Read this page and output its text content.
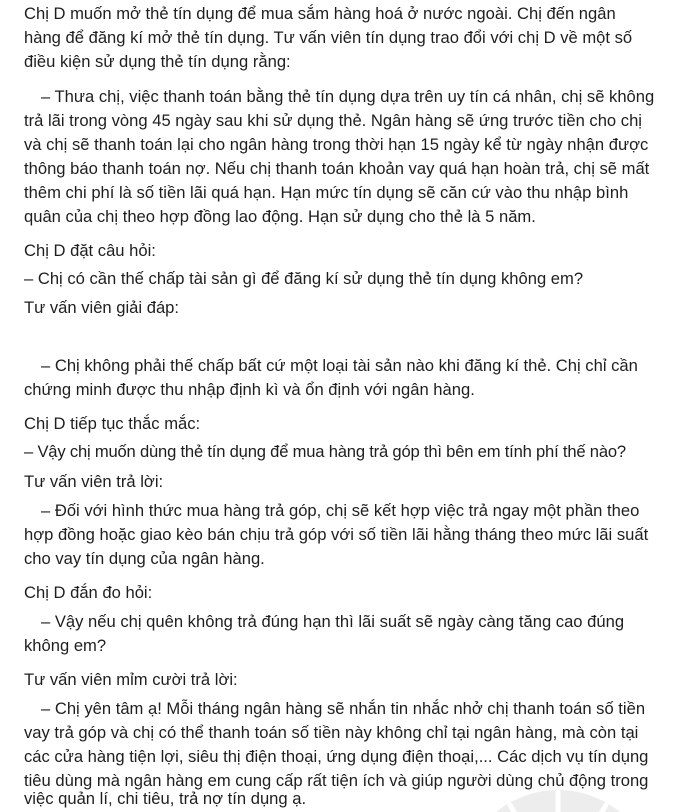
Chị D muốn mở thẻ tín dụng để mua sắm hàng hoá ở nước ngoài. Chị đến ngân

hàng để đăng kí mở thẻ tín dụng. Tư vấn viên tín dụng trao đổi với chị D về một số

điều kiện sử dụng thẻ tín dụng rằng:

– Thưa chị, việc thanh toán bằng thẻ tín dụng dựa trên uy tín cá nhân, chị sẽ không

trả lãi trong vòng 45 ngày sau khi sử dụng thẻ. Ngân hàng sẽ ứng trước tiền cho chị

và chị sẽ thanh toán lại cho ngân hàng trong thời hạn 15 ngày kể từ ngày nhận được

thông báo thanh toán nợ. Nếu chị thanh toán khoản vay quá hạn hoàn trả, chị sẽ mất

thêm chi phí là số tiền lãi quá hạn. Hạn mức tín dụng sẽ căn cứ vào thu nhập bình

quân của chị theo hợp đồng lao động. Hạn sử dụng cho thẻ là 5 năm.

Chị D đặt câu hỏi:

– Chị có cần thế chấp tài sản gì để đăng kí sử dụng thẻ tín dụng không em?

Tư vấn viên giải đáp:

– Chị không phải thế chấp bất cứ một loại tài sản nào khi đăng kí thẻ. Chị chỉ cần

chứng minh được thu nhập định kì và ổn định với ngân hàng.

Chị D tiếp tục thắc mắc:

– Vậy chị muốn dùng thẻ tín dụng để mua hàng trả góp thì bên em tính phí thế nào?

Tư vấn viên trả lời:

– Đối với hình thức mua hàng trả góp, chị sẽ kết hợp việc trả ngay một phần theo

hợp đồng hoặc giao kèo bán chịu trả góp với số tiền lãi hằng tháng theo mức lãi suất

cho vay tín dụng của ngân hàng.

Chị D đắn đo hỏi:

– Vậy nếu chị quên không trả đúng hạn thì lãi suất sẽ ngày càng tăng cao đúng

không em?

Tư vấn viên mỉm cười trả lời:

– Chị yên tâm ạ! Mỗi tháng ngân hàng sẽ nhắn tin nhắc nhở chị thanh toán số tiền

vay trả góp và chị có thể thanh toán số tiền này không chỉ tại ngân hàng, mà còn tại

các cửa hàng tiện lợi, siêu thị điện thoại, ứng dụng điện thoại,... Các dịch vụ tín dụng

tiêu dùng mà ngân hàng em cung cấp rất tiện ích và giúp người dùng chủ động trong

việc quản lí, chi tiêu, trả nợ tín dụng ạ.
